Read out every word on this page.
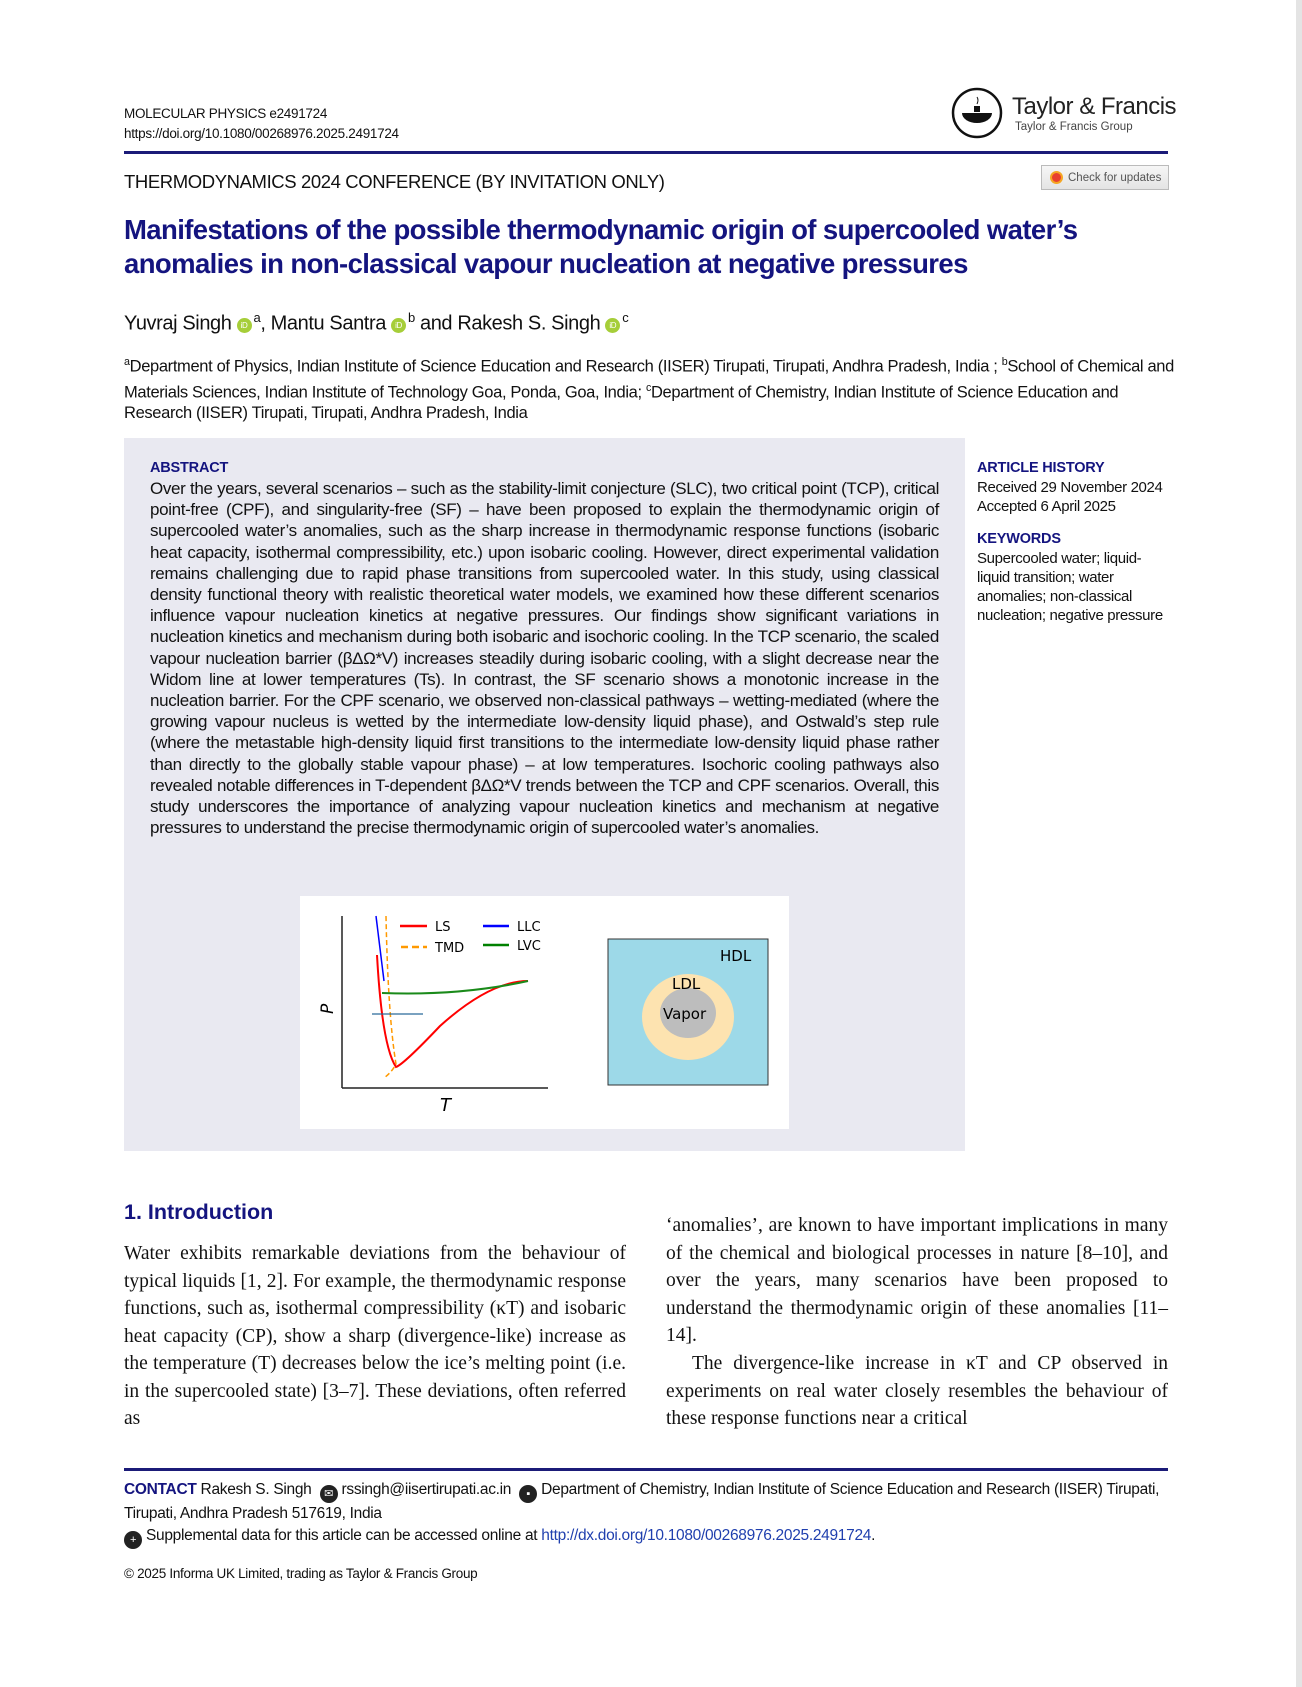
MOLECULAR PHYSICS e2491724
https://doi.org/10.1080/00268976.2025.2491724
Taylor & Francis
Taylor & Francis Group
THERMODYNAMICS 2024 CONFERENCE (BY INVITATION ONLY)	Check for updates
Manifestations of the possible thermodynamic origin of supercooled water’s anomalies in non-classical vapour nucleation at negative pressures
Yuvraj Singh $iD^a$, Mantu Santra $iD^b$ and Rakesh S. Singh $iD^c$
$^a$Department of Physics, Indian Institute of Science Education and Research (IISER) Tirupati, Tirupati, Andhra Pradesh, India ; $^b$School of Chemical and Materials Sciences, Indian Institute of Technology Goa, Ponda, Goa, India; $^c$Department of Chemistry, Indian Institute of Science Education and Research (IISER) Tirupati, Tirupati, Andhra Pradesh, India
ABSTRACT

Over the years, several scenarios – such as the stability-limit conjecture (SLC), two critical point (TCP), critical point-free (CPF), and singularity-free (SF) – have been proposed to explain the thermodynamic origin of supercooled water’s anomalies, such as the sharp increase in thermodynamic response functions (isobaric heat capacity, isothermal compressibility, etc.) upon isobaric cooling. However, direct experimental validation remains challenging due to rapid phase transitions from supercooled water. In this study, using classical density functional theory with realistic theoretical water models, we examined how these different scenarios influence vapour nucleation kinetics at negative pressures. Our findings show significant variations in nucleation kinetics and mechanism during both isobaric and isochoric cooling. In the TCP scenario, the scaled vapour nucleation barrier (βΔΩ*V) increases steadily during isobaric cooling, with a slight decrease near the Widom line at lower temperatures (Ts). In contrast, the SF scenario shows a monotonic increase in the nucleation barrier. For the CPF scenario, we observed non-classical pathways – wetting-mediated (where the growing vapour nucleus is wetted by the intermediate low-density liquid phase), and Ostwald’s step rule (where the metastable high-density liquid first transitions to the intermediate low-density liquid phase rather than directly to the globally stable vapour phase) – at low temperatures. Isochoric cooling pathways also revealed notable differences in T-dependent βΔΩ*V trends between the TCP and CPF scenarios. Overall, this study underscores the importance of analyzing vapour nucleation kinetics and mechanism at negative pressures to understand the precise thermodynamic origin of supercooled water’s anomalies.

ARTICLE HISTORY
Received 29 November 2024
Accepted 6 April 2025
KEYWORDS
Supercooled water; liquid-liquid transition; water anomalies; non-classical nucleation; negative pressure
LS
TMD
LLC
LVC
T
P
HDL
LDL
Vapor
1. Introduction

Water exhibits remarkable deviations from the behaviour of typical liquids [1, 2]. For example, the thermodynamic response functions, such as, isothermal compressibility (κT) and isobaric heat capacity (CP), show a sharp (divergence-like) increase as the temperature (T) decreases below the ice’s melting point (i.e. in the supercooled state) [3–7]. These deviations, often referred as

‘anomalies’, are known to have important implications in many of the chemical and biological processes in nature [8–10], and over the years, many scenarios have been proposed to understand the thermodynamic origin of these anomalies [11–14].

The divergence-like increase in κT and CP observed in experiments on real water closely resembles the behaviour of these response functions near a critical

CONTACT Rakesh S. Singh ✉ rssingh@iisertirupati.ac.in ▪ Department of Chemistry, Indian Institute of Science Education and Research (IISER) Tirupati, Tirupati, Andhra Pradesh 517619, India
+ Supplemental data for this article can be accessed online at http://dx.doi.org/10.1080/00268976.2025.2491724.
© 2025 Informa UK Limited, trading as Taylor & Francis Group
